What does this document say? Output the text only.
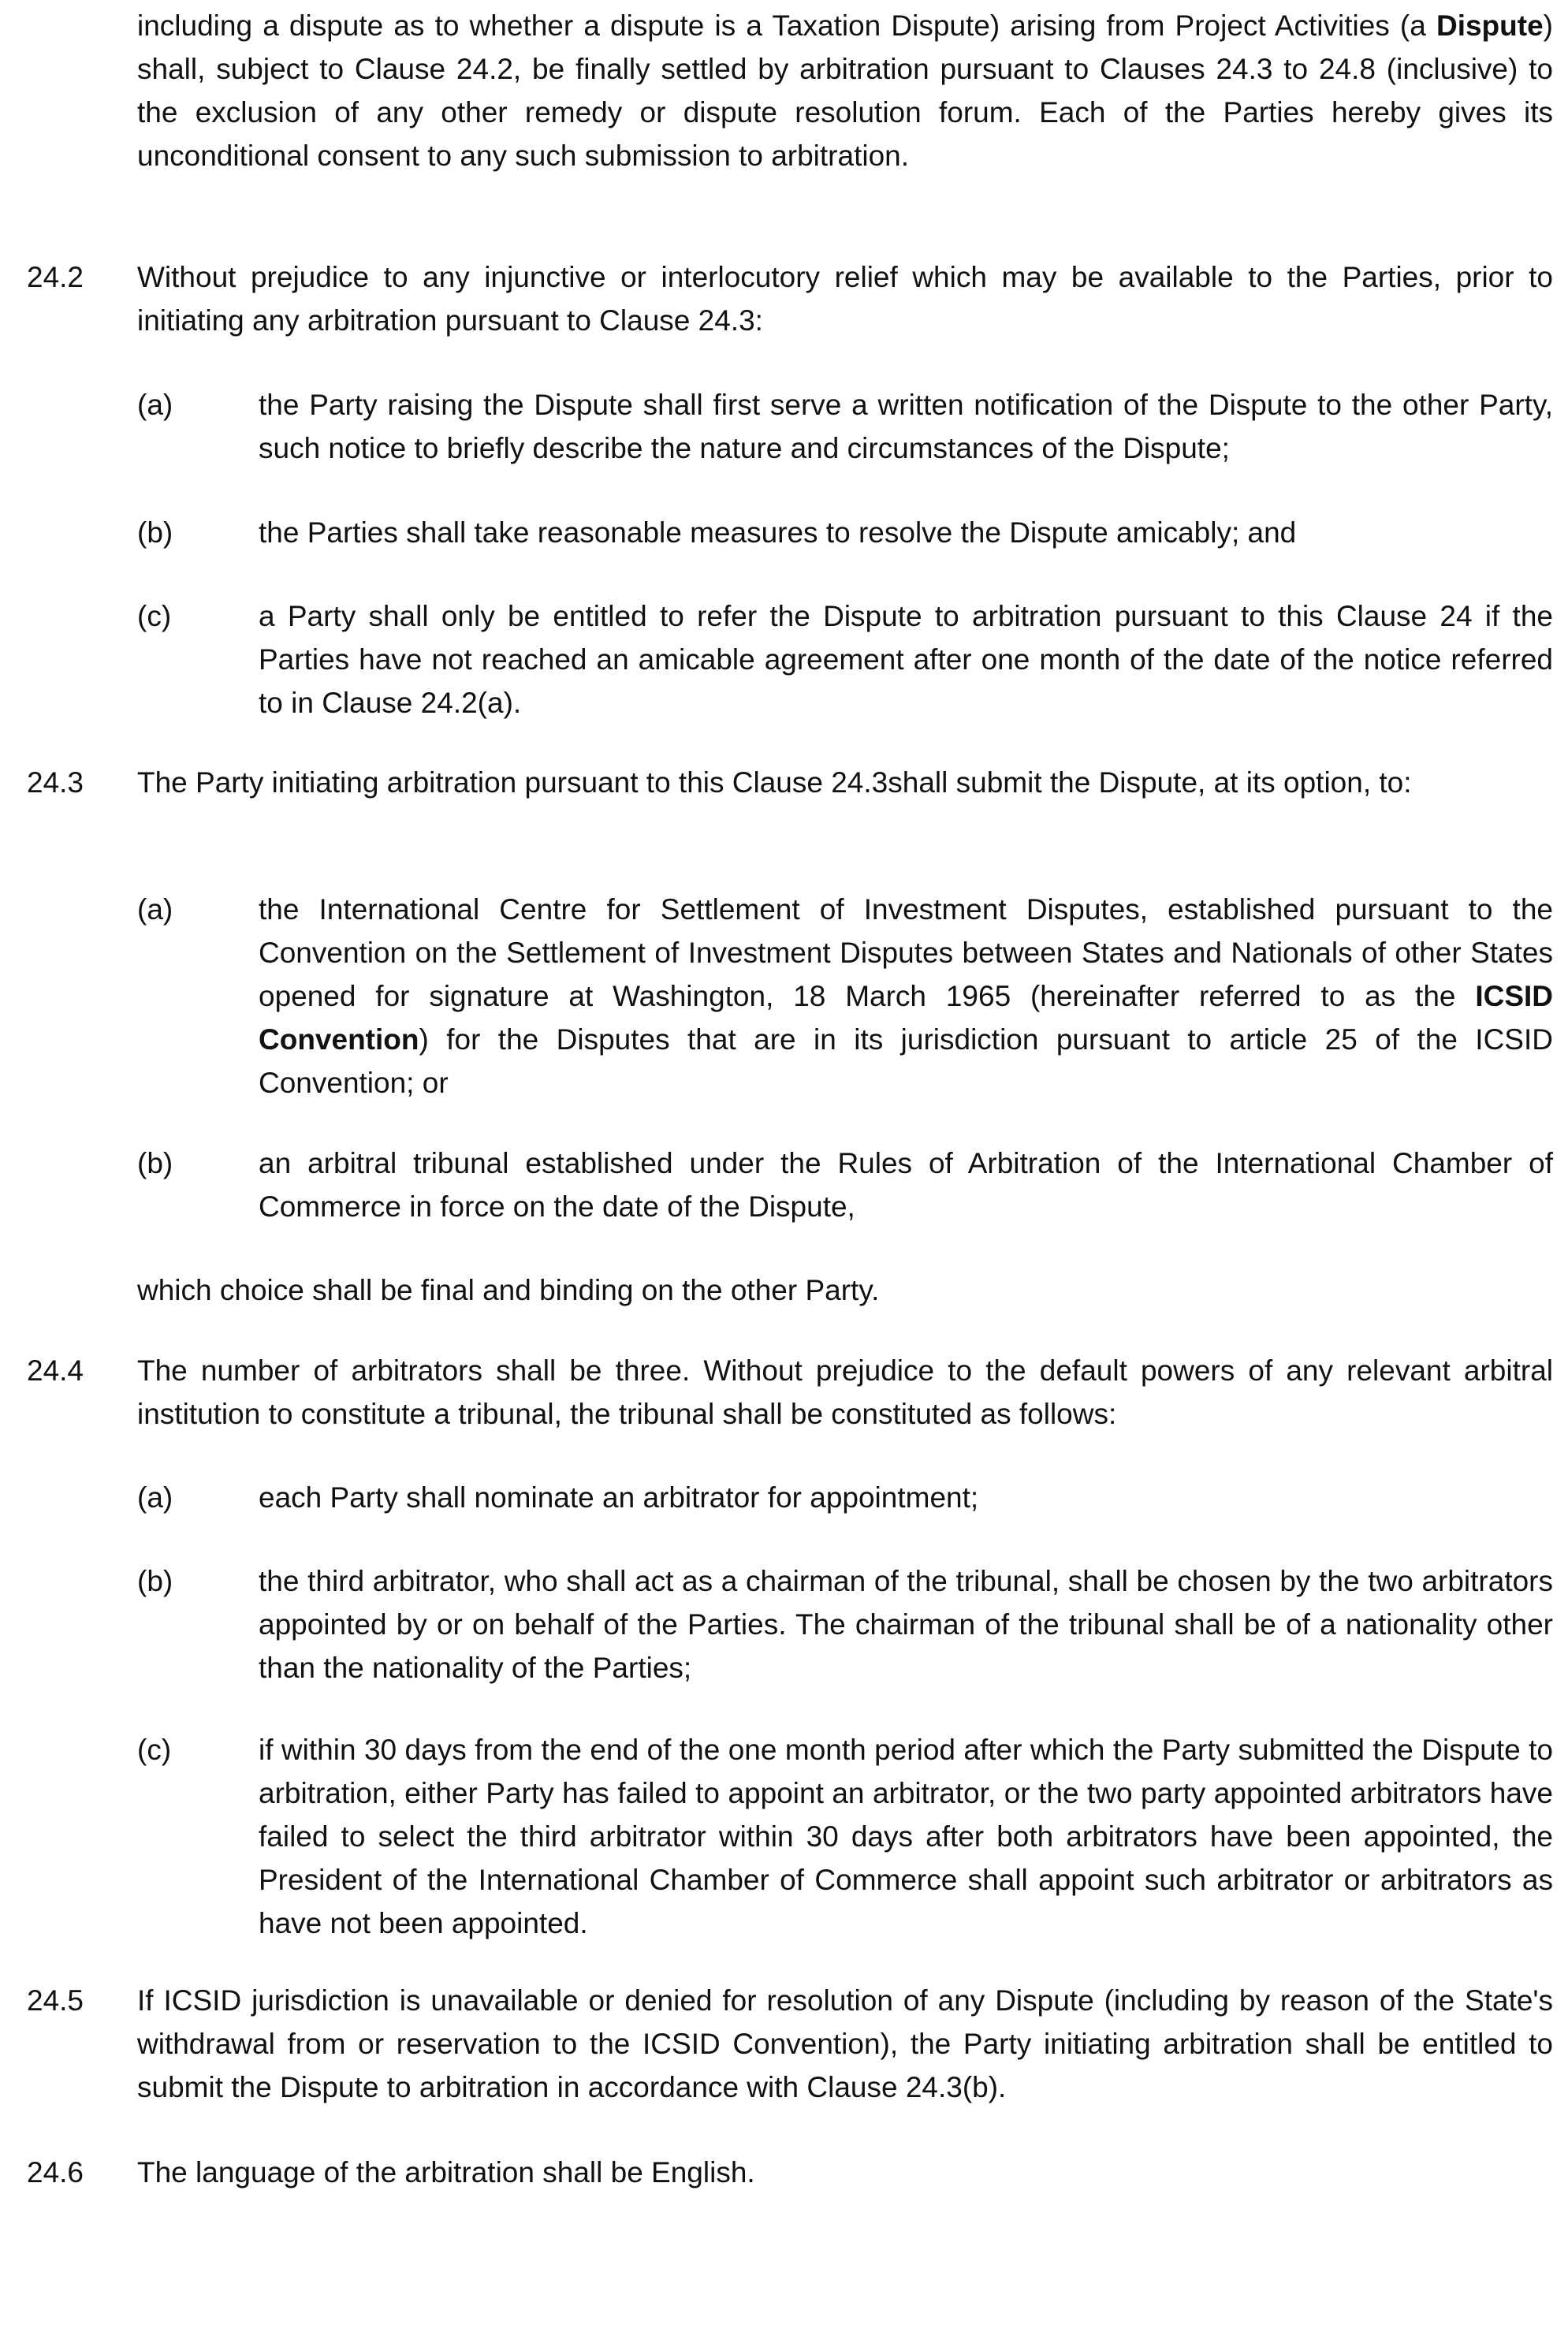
including a dispute as to whether a dispute is a Taxation Dispute) arising from Project Activities (a Dispute) shall, subject to Clause 24.2, be finally settled by arbitration pursuant to Clauses 24.3 to 24.8 (inclusive) to the exclusion of any other remedy or dispute resolution forum. Each of the Parties hereby gives its unconditional consent to any such submission to arbitration.
24.2	Without prejudice to any injunctive or interlocutory relief which may be available to the Parties, prior to initiating any arbitration pursuant to Clause 24.3:
(a)	the Party raising the Dispute shall first serve a written notification of the Dispute to the other Party, such notice to briefly describe the nature and circumstances of the Dispute;
(b)	the Parties shall take reasonable measures to resolve the Dispute amicably; and
(c)	a Party shall only be entitled to refer the Dispute to arbitration pursuant to this Clause 24 if the Parties have not reached an amicable agreement after one month of the date of the notice referred to in Clause 24.2(a).
24.3	The Party initiating arbitration pursuant to this Clause 24.3shall submit the Dispute, at its option, to:
(a)	the International Centre for Settlement of Investment Disputes, established pursuant to the Convention on the Settlement of Investment Disputes between States and Nationals of other States opened for signature at Washington, 18 March 1965 (hereinafter referred to as the ICSID Convention) for the Disputes that are in its jurisdiction pursuant to article 25 of the ICSID Convention; or
(b)	an arbitral tribunal established under the Rules of Arbitration of the International Chamber of Commerce in force on the date of the Dispute,
which choice shall be final and binding on the other Party.
24.4	The number of arbitrators shall be three. Without prejudice to the default powers of any relevant arbitral institution to constitute a tribunal, the tribunal shall be constituted as follows:
(a)	each Party shall nominate an arbitrator for appointment;
(b)	the third arbitrator, who shall act as a chairman of the tribunal, shall be chosen by the two arbitrators appointed by or on behalf of the Parties. The chairman of the tribunal shall be of a nationality other than the nationality of the Parties;
(c)	if within 30 days from the end of the one month period after which the Party submitted the Dispute to arbitration, either Party has failed to appoint an arbitrator, or the two party appointed arbitrators have failed to select the third arbitrator within 30 days after both arbitrators have been appointed, the President of the International Chamber of Commerce shall appoint such arbitrator or arbitrators as have not been appointed.
24.5	If ICSID jurisdiction is unavailable or denied for resolution of any Dispute (including by reason of the State's withdrawal from or reservation to the ICSID Convention), the Party initiating arbitration shall be entitled to submit the Dispute to arbitration in accordance with Clause 24.3(b).
24.6	The language of the arbitration shall be English.
